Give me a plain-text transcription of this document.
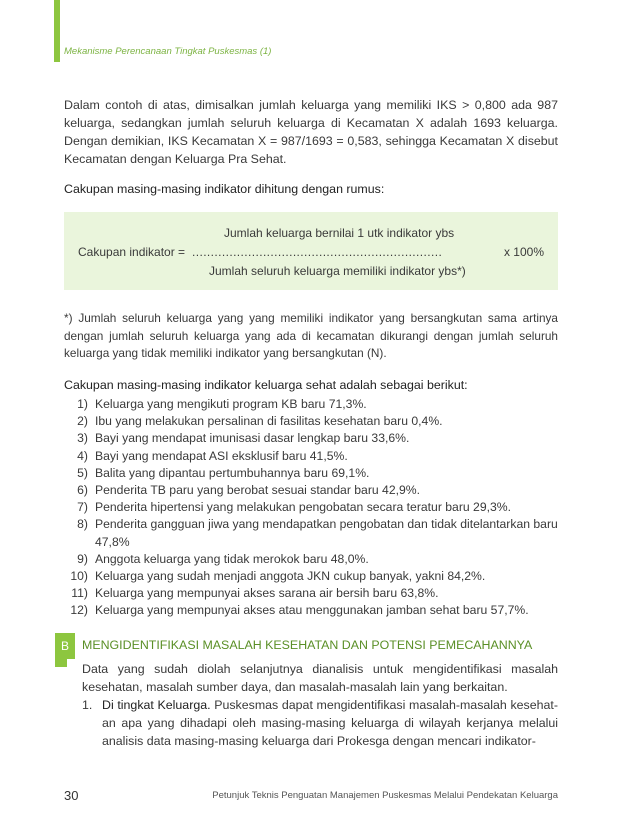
Mekanisme Perencanaan Tingkat Puskesmas (1)

Dalam contoh di atas, dimisalkan jumlah keluarga yang memiliki IKS > 0,800 ada 987 keluarga, sedangkan jumlah seluruh keluarga di Kecamatan X adalah 1693 keluarga. Dengan demikian, IKS Kecamatan X = 987/1693 = 0,583, sehingga Kecamatan X disebut Kecamatan dengan Keluarga Pra Sehat.

Cakupan masing-masing indikator dihitung dengan rumus:

Jumlah keluarga bernilai 1 utk indikator ybs
Cakupan indikator = ...................................................................	x 100%
Jumlah seluruh keluarga memiliki indikator ybs*)

*) Jumlah seluruh keluarga yang yang memiliki indikator yang bersangkutan sama artinya dengan jumlah seluruh keluarga yang ada di kecamatan dikurangi dengan jumlah seluruh keluarga yang tidak memiliki indikator yang bersangkutan (N).

Cakupan masing-masing indikator keluarga sehat adalah sebagai berikut:

1) Keluarga yang mengikuti program KB baru 71,3%.
2) Ibu yang melakukan persalinan di fasilitas kesehatan baru 0,4%.
3) Bayi yang mendapat imunisasi dasar lengkap baru 33,6%.
4) Bayi yang mendapat ASI eksklusif baru 41,5%.
5) Balita yang dipantau pertumbuhannya baru 69,1%.
6) Penderita TB paru yang berobat sesuai standar baru 42,9%.
7) Penderita hipertensi yang melakukan pengobatan secara teratur baru 29,3%.
8) Penderita gangguan jiwa yang mendapatkan pengobatan dan tidak ditelantarkan baru 47,8%
9) Anggota keluarga yang tidak merokok baru 48,0%.
10) Keluarga yang sudah menjadi anggota JKN cukup banyak, yakni 84,2%.
11) Keluarga yang mempunyai akses sarana air bersih baru 63,8%.
12) Keluarga yang mempunyai akses atau menggunakan jamban sehat baru 57,7%.
B	MENGIDENTIFIKASI MASALAH KESEHATAN DAN POTENSI PEMECAHANNYA

Data yang sudah diolah selanjutnya dianalisis untuk mengidentifikasi masalah kesehatan, masalah sumber daya, dan masalah-masalah lain yang berkaitan.

1. Di tingkat Keluarga. Puskesmas dapat mengidentifikasi masalah-masalah kesehat-an apa yang dihadapi oleh masing-masing keluarga di wilayah kerjanya melalui analisis data masing-masing keluarga dari Prokesga dengan mencari indikator-

30	Petunjuk Teknis Penguatan Manajemen Puskesmas Melalui Pendekatan Keluarga
